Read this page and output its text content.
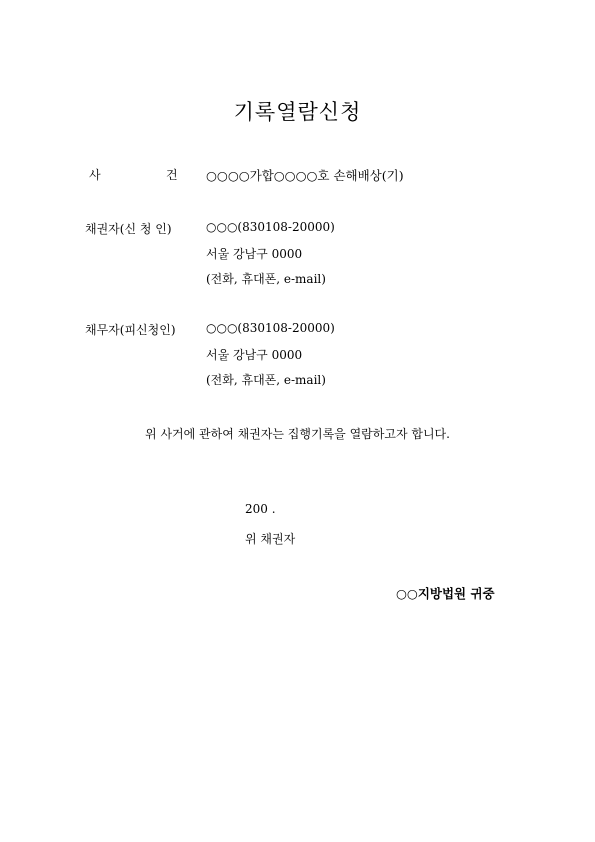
기록열람신청
사	건 ○○○○가합○○○○호 손해배상(기)
채권자(신 청 인)	○○○(830108-20000)
서울 강남구 0000
(전화, 휴대폰, e-mail)
채무자(피신청인)	○○○(830108-20000)
서울 강남구 0000
(전화, 휴대폰, e-mail)
위 사거에 관하여 채권자는 집행기록을 열람하고자 합니다.
200 .
위 채권자
○○지방법원 귀중
